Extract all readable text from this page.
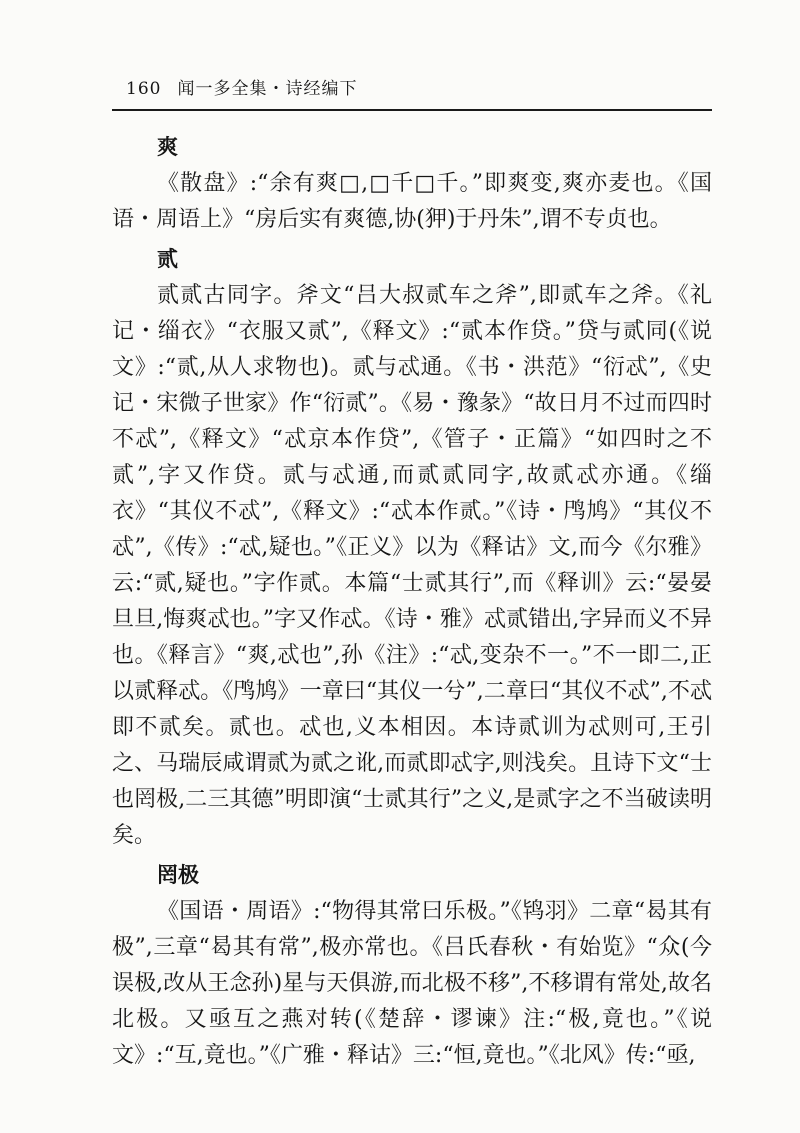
160 闻一多全集・诗经编下
爽

《散盘》:“余有爽□,□千□千。”即爽变,爽亦麦也。《国语・周语上》“房后实有爽德,协(狎)于丹朱”,谓不专贞也。

贰

贰贰古同字。斧文“吕大叔贰车之斧”,即贰车之斧。《礼记・缁衣》“衣服又贰”,《释文》:“贰本作贷。”贷与贰同(《说文》:“贰,从人求物也)。贰与忒通。《书・洪范》“衍忒”,《史记・宋微子世家》作“衍贰”。《易・豫彖》“故日月不过而四时不忒”,《释文》“忒京本作贷”,《管子・正篇》“如四时之不贰”,字又作贷。贰与忒通,而贰贰同字,故贰忒亦通。《缁衣》“其仪不忒”,《释文》:“忒本作贰。”《诗・鸤鸠》“其仪不忒”,《传》:“忒,疑也。”《正义》以为《释诂》文,而今《尔雅》云:“贰,疑也。”字作贰。本篇“士贰其行”,而《释训》云:“晏晏旦旦,悔爽忒也。”字又作忒。《诗・雅》忒贰错出,字异而义不异也。《释言》“爽,忒也”,孙《注》:“忒,变杂不一。”不一即二,正以贰释忒。《鸤鸠》一章曰“其仪一兮”,二章曰“其仪不忒”,不忒即不贰矣。贰也。忒也,义本相因。本诗贰训为忒则可,王引之、马瑞辰咸谓贰为贰之讹,而贰即忒字,则浅矣。且诗下文“士也罔极,二三其德”明即演“士贰其行”之义,是贰字之不当破读明矣。

罔极

《国语・周语》:“物得其常曰乐极。”《鸨羽》二章“曷其有极”,三章“曷其有常”,极亦常也。《吕氏春秋・有始览》“众(今误极,改从王念孙)星与天俱游,而北极不移”,不移谓有常处,故名北极。又亟互之燕对转(《楚辞・谬谏》注:“极,竟也。”《说文》:“互,竟也。”《广雅・释诂》三:“恒,竟也。”《北风》传:“亟,
